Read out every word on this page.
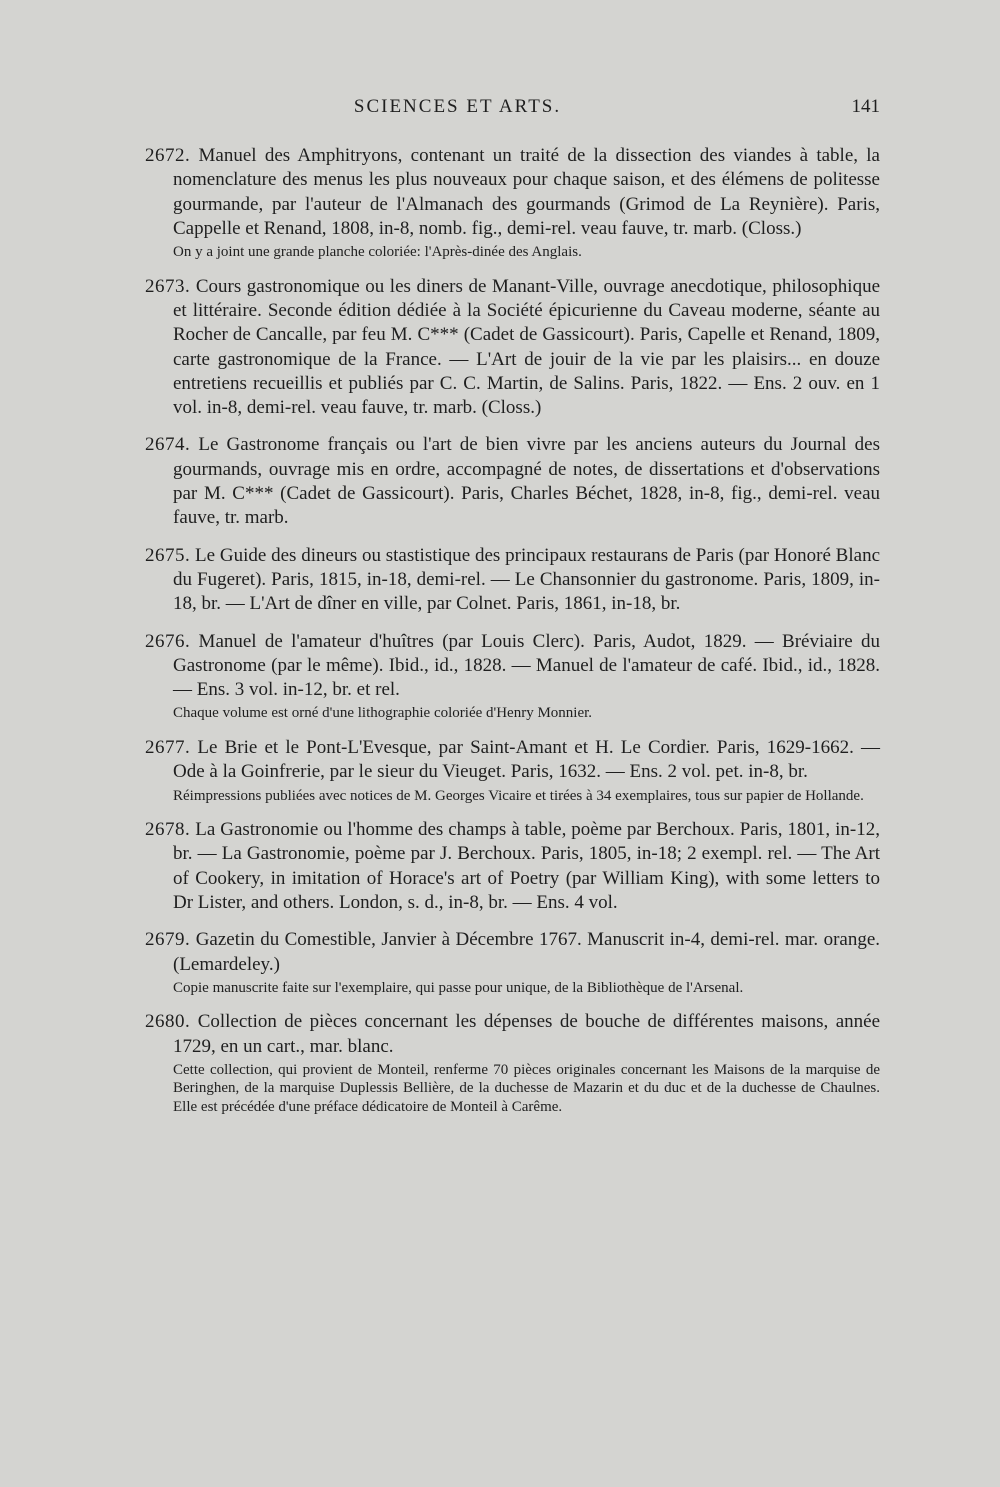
SCIENCES ET ARTS.	141
2672. Manuel des Amphitryons, contenant un traité de la dissection des viandes à table, la nomenclature des menus les plus nouveaux pour chaque saison, et des élémens de politesse gourmande, par l'auteur de l'Almanach des gourmands (Grimod de La Reynière). Paris, Cappelle et Renand, 1808, in-8, nomb. fig., demi-rel. veau fauve, tr. marb. (Closs.)
On y a joint une grande planche coloriée: l'Après-dinée des Anglais.
2673. Cours gastronomique ou les diners de Manant-Ville, ouvrage anecdotique, philosophique et littéraire. Seconde édition dédiée à la Société épicurienne du Caveau moderne, séante au Rocher de Cancalle, par feu M. C*** (Cadet de Gassicourt). Paris, Capelle et Renand, 1809, carte gastronomique de la France. — L'Art de jouir de la vie par les plaisirs... en douze entretiens recueillis et publiés par C. C. Martin, de Salins. Paris, 1822. — Ens. 2 ouv. en 1 vol. in-8, demi-rel. veau fauve, tr. marb. (Closs.)
2674. Le Gastronome français ou l'art de bien vivre par les anciens auteurs du Journal des gourmands, ouvrage mis en ordre, accompagné de notes, de dissertations et d'observations par M. C*** (Cadet de Gassicourt). Paris, Charles Béchet, 1828, in-8, fig., demi-rel. veau fauve, tr. marb.
2675. Le Guide des dineurs ou stastistique des principaux restaurans de Paris (par Honoré Blanc du Fugeret). Paris, 1815, in-18, demi-rel. — Le Chansonnier du gastronome. Paris, 1809, in-18, br. — L'Art de dîner en ville, par Colnet. Paris, 1861, in-18, br.
2676. Manuel de l'amateur d'huîtres (par Louis Clerc). Paris, Audot, 1829. — Bréviaire du Gastronome (par le même). Ibid., id., 1828. — Manuel de l'amateur de café. Ibid., id., 1828. — Ens. 3 vol. in-12, br. et rel.
Chaque volume est orné d'une lithographie coloriée d'Henry Monnier.
2677. Le Brie et le Pont-L'Evesque, par Saint-Amant et H. Le Cordier. Paris, 1629-1662. — Ode à la Goinfrerie, par le sieur du Vieuget. Paris, 1632. — Ens. 2 vol. pet. in-8, br.
Réimpressions publiées avec notices de M. Georges Vicaire et tirées à 34 exemplaires, tous sur papier de Hollande.
2678. La Gastronomie ou l'homme des champs à table, poème par Berchoux. Paris, 1801, in-12, br. — La Gastronomie, poème par J. Berchoux. Paris, 1805, in-18; 2 exempl. rel. — The Art of Cookery, in imitation of Horace's art of Poetry (par William King), with some letters to Dr Lister, and others. London, s. d., in-8, br. — Ens. 4 vol.
2679. Gazetin du Comestible, Janvier à Décembre 1767. Manuscrit in-4, demi-rel. mar. orange. (Lemardeley.)
Copie manuscrite faite sur l'exemplaire, qui passe pour unique, de la Bibliothèque de l'Arsenal.
2680. Collection de pièces concernant les dépenses de bouche de différentes maisons, année 1729, en un cart., mar. blanc.
Cette collection, qui provient de Monteil, renferme 70 pièces originales concernant les Maisons de la marquise de Beringhen, de la marquise Duplessis Bellière, de la duchesse de Mazarin et du duc et de la duchesse de Chaulnes. Elle est précédée d'une préface dédicatoire de Monteil à Carême.
